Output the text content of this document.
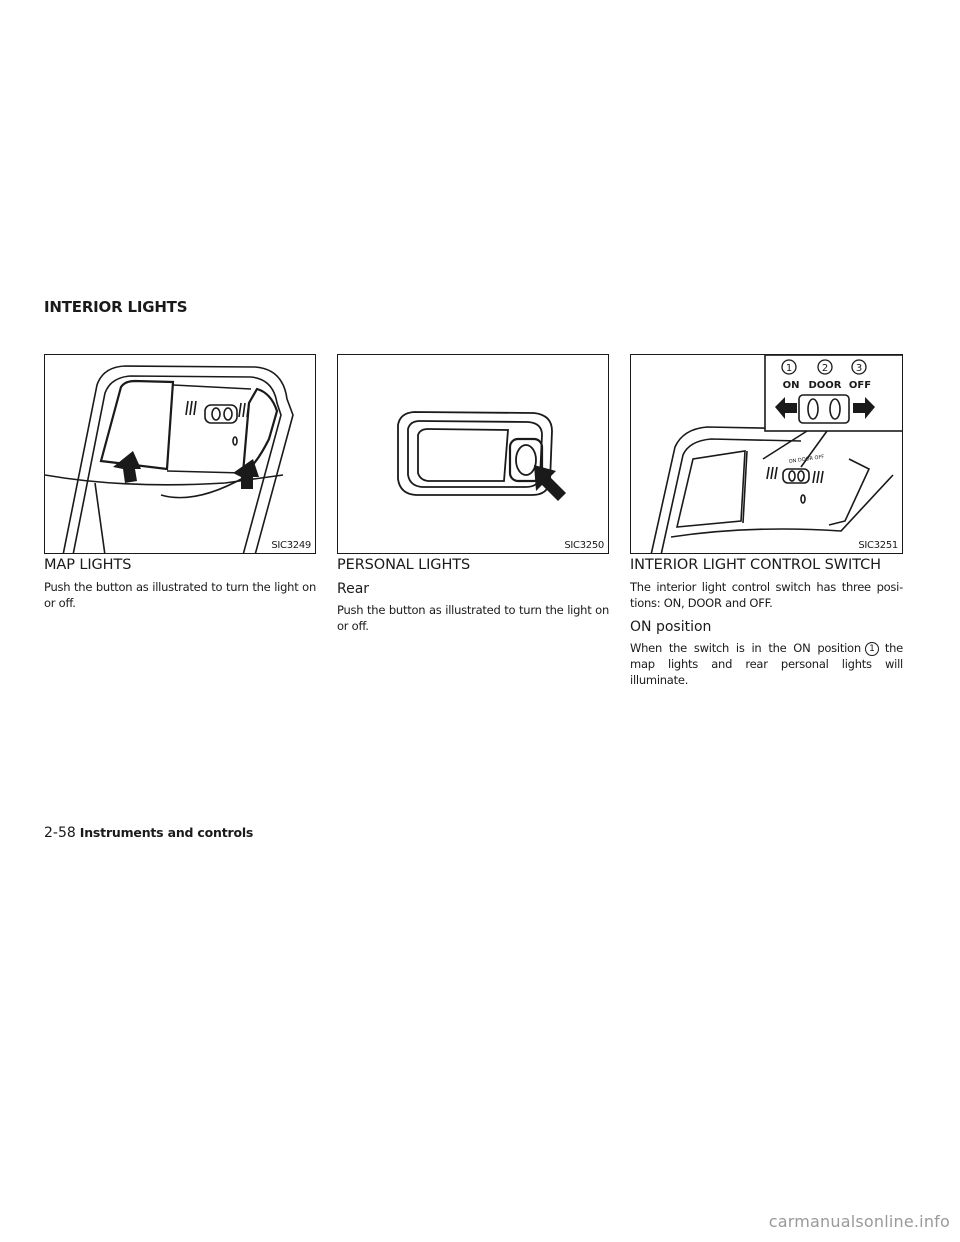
INTERIOR LIGHTS
SIC3249
MAP LIGHTS

Push the button as illustrated to turn the light on or off.

SIC3250
PERSONAL LIGHTS
Rear

Push the button as illustrated to turn the light on or off.

ON DOOR OFF
1	2	3
ON DOOR OFF
SIC3251
INTERIOR LIGHT CONTROL SWITCH

The interior light control switch has three posi- tions: ON, DOOR and OFF.

ON position

When the switch is in the ON position 1 the map lights and rear personal lights will illuminate.

2-58 Instruments and controls
carmanualsonline.info
